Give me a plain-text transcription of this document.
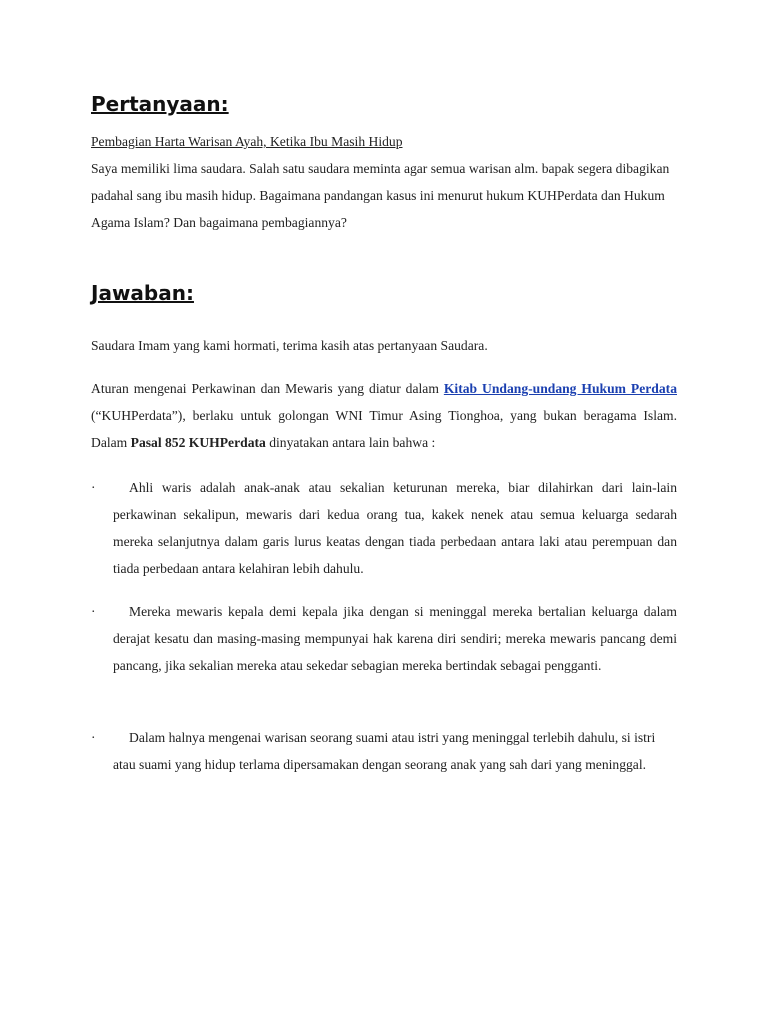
Pertanyaan:
Pembagian Harta Warisan Ayah, Ketika Ibu Masih Hidup
Saya memiliki lima saudara. Salah satu saudara meminta agar semua warisan alm. bapak segera dibagikan padahal sang ibu masih hidup. Bagaimana pandangan kasus ini menurut hukum KUHPerdata dan Hukum Agama Islam? Dan bagaimana pembagiannya?
Jawaban:

Saudara Imam yang kami hormati, terima kasih atas pertanyaan Saudara.

Aturan mengenai Perkawinan dan Mewaris yang diatur dalam Kitab Undang-undang Hukum Perdata (“KUHPerdata”), berlaku untuk golongan WNI Timur Asing Tionghoa, yang bukan beragama Islam. Dalam Pasal 852 KUHPerdata dinyatakan antara lain bahwa :

·	Ahli waris adalah anak-anak atau sekalian keturunan mereka, biar dilahirkan dari lain-lain perkawinan sekalipun, mewaris dari kedua orang tua, kakek nenek atau semua keluarga sedarah mereka selanjutnya dalam garis lurus keatas dengan tiada perbedaan antara laki atau perempuan dan tiada perbedaan antara kelahiran lebih dahulu.
·	Mereka mewaris kepala demi kepala jika dengan si meninggal mereka bertalian keluarga dalam derajat kesatu dan masing-masing mempunyai hak karena diri sendiri; mereka mewaris pancang demi pancang, jika sekalian mereka atau sekedar sebagian mereka bertindak sebagai pengganti.
·	Dalam halnya mengenai warisan seorang suami atau istri yang meninggal terlebih dahulu, si istri atau suami yang hidup terlama dipersamakan dengan seorang anak yang sah dari yang meninggal.
